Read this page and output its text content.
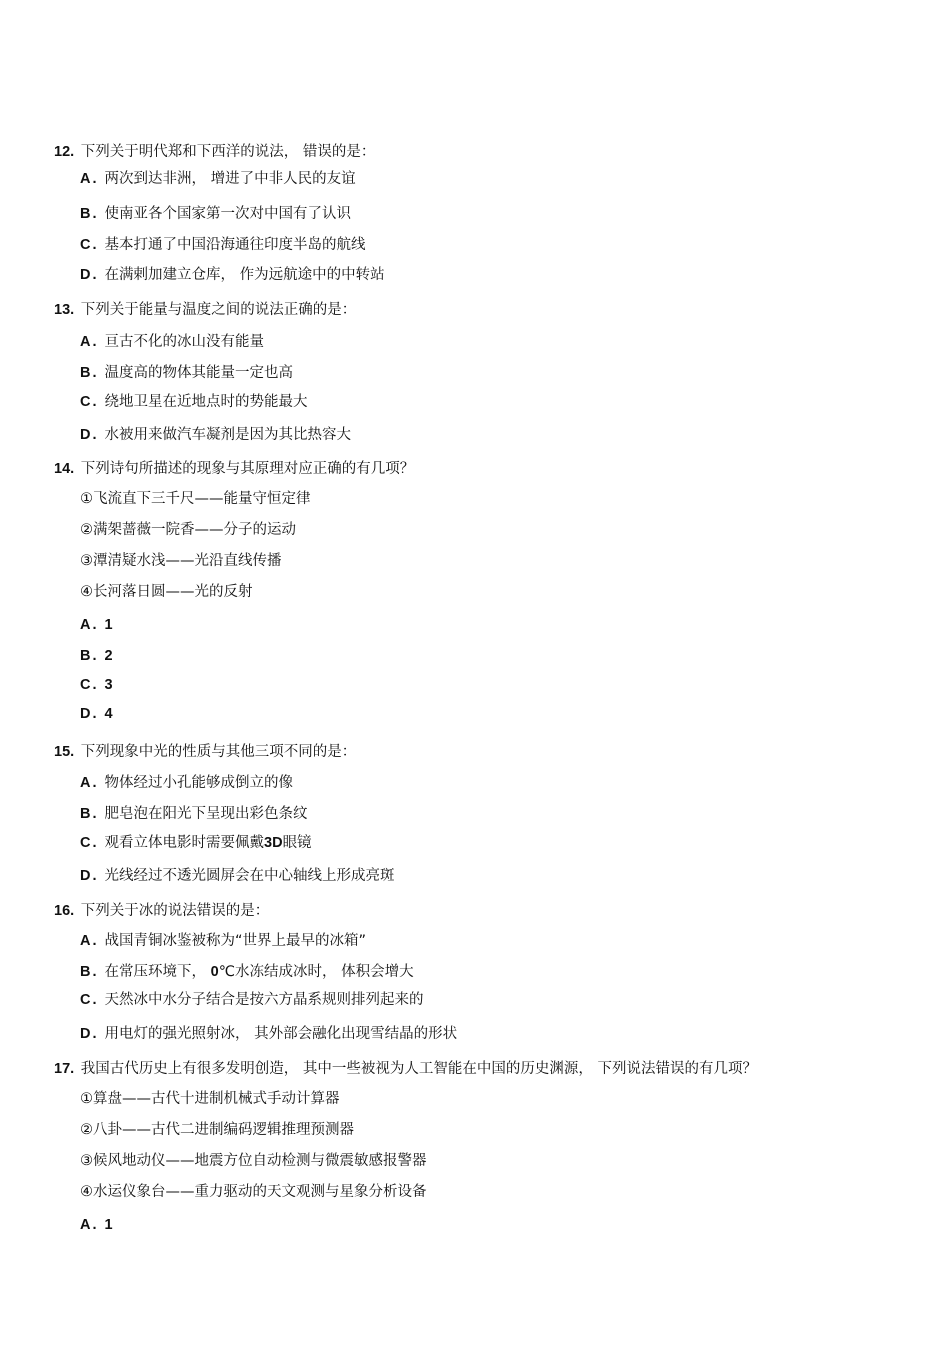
12. 下列关于明代郑和下西洋的说法， 错误的是：
A . 两次到达非洲， 增进了中非人民的友谊
B . 使南亚各个国家第一次对中国有了认识
C . 基本打通了中国沿海通往印度半岛的航线
D . 在满剌加建立仓库， 作为远航途中的中转站
13. 下列关于能量与温度之间的说法正确的是：
A . 亘古不化的冰山没有能量
B . 温度高的物体其能量一定也高
C . 绕地卫星在近地点时的势能最大
D . 水被用来做汽车凝剂是因为其比热容大
14. 下列诗句所描述的现象与其原理对应正确的有几项？
①飞流直下三千尺——能量守恒定律
②满架蔷薇一院香——分子的运动
③潭清疑水浅——光沿直线传播
④长河落日圆——光的反射
A . 1
B . 2
C . 3
D . 4
15. 下列现象中光的性质与其他三项不同的是：
A . 物体经过小孔能够成倒立的像
B . 肥皂泡在阳光下呈现出彩色条纹
C . 观看立体电影时需要佩戴3D眼镜
D . 光线经过不透光圆屏会在中心轴线上形成亮斑
16. 下列关于冰的说法错误的是：
A . 战国青铜冰鉴被称为“世界上最早的冰箱”
B . 在常压环境下， 0℃水冻结成冰时， 体积会增大
C . 天然冰中水分子结合是按六方晶系规则排列起来的
D . 用电灯的强光照射冰， 其外部会融化出现雪结晶的形状
17. 我国古代历史上有很多发明创造， 其中一些被视为人工智能在中国的历史渊源， 下列说法错误的有几项？
①算盘——古代十进制机械式手动计算器
②八卦——古代二进制编码逻辑推理预测器
③候风地动仪——地震方位自动检测与微震敏感报警器
④水运仪象台——重力驱动的天文观测与星象分析设备
A . 1
